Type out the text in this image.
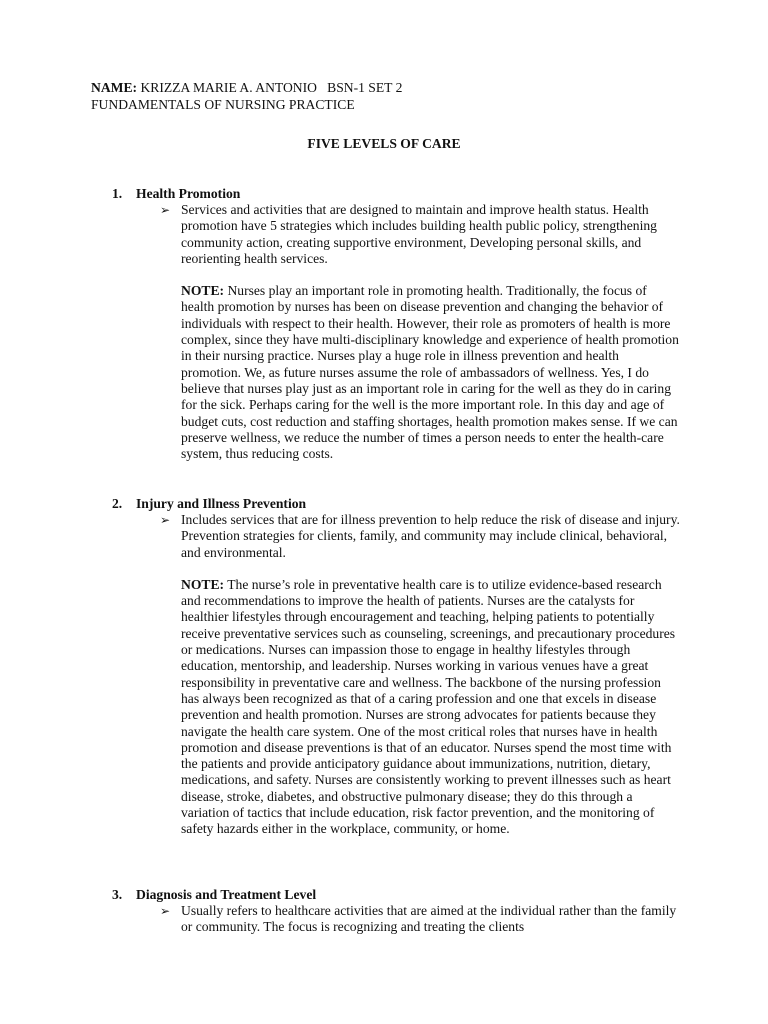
NAME: KRIZZA MARIE A. ANTONIO   BSN-1 SET 2
FUNDAMENTALS OF NURSING PRACTICE
FIVE LEVELS OF CARE
1. Health Promotion
➢ Services and activities that are designed to maintain and improve health status. Health promotion have 5 strategies which includes building health public policy, strengthening community action, creating supportive environment, Developing personal skills, and reorienting health services.
NOTE: Nurses play an important role in promoting health. Traditionally, the focus of health promotion by nurses has been on disease prevention and changing the behavior of individuals with respect to their health. However, their role as promoters of health is more complex, since they have multi-disciplinary knowledge and experience of health promotion in their nursing practice. Nurses play a huge role in illness prevention and health promotion. We, as future nurses assume the role of ambassadors of wellness. Yes, I do believe that nurses play just as an important role in caring for the well as they do in caring for the sick. Perhaps caring for the well is the more important role. In this day and age of budget cuts, cost reduction and staffing shortages, health promotion makes sense. If we can preserve wellness, we reduce the number of times a person needs to enter the health-care system, thus reducing costs.
2. Injury and Illness Prevention
➢ Includes services that are for illness prevention to help reduce the risk of disease and injury. Prevention strategies for clients, family, and community may include clinical, behavioral, and environmental.
NOTE: The nurse’s role in preventative health care is to utilize evidence-based research and recommendations to improve the health of patients. Nurses are the catalysts for healthier lifestyles through encouragement and teaching, helping patients to potentially receive preventative services such as counseling, screenings, and precautionary procedures or medications. Nurses can impassion those to engage in healthy lifestyles through education, mentorship, and leadership. Nurses working in various venues have a great responsibility in preventative care and wellness. The backbone of the nursing profession has always been recognized as that of a caring profession and one that excels in disease prevention and health promotion. Nurses are strong advocates for patients because they navigate the health care system. One of the most critical roles that nurses have in health promotion and disease preventions is that of an educator. Nurses spend the most time with the patients and provide anticipatory guidance about immunizations, nutrition, dietary, medications, and safety. Nurses are consistently working to prevent illnesses such as heart disease, stroke, diabetes, and obstructive pulmonary disease; they do this through a variation of tactics that include education, risk factor prevention, and the monitoring of safety hazards either in the workplace, community, or home.
3. Diagnosis and Treatment Level
➢ Usually refers to healthcare activities that are aimed at the individual rather than the family or community. The focus is recognizing and treating the clients
